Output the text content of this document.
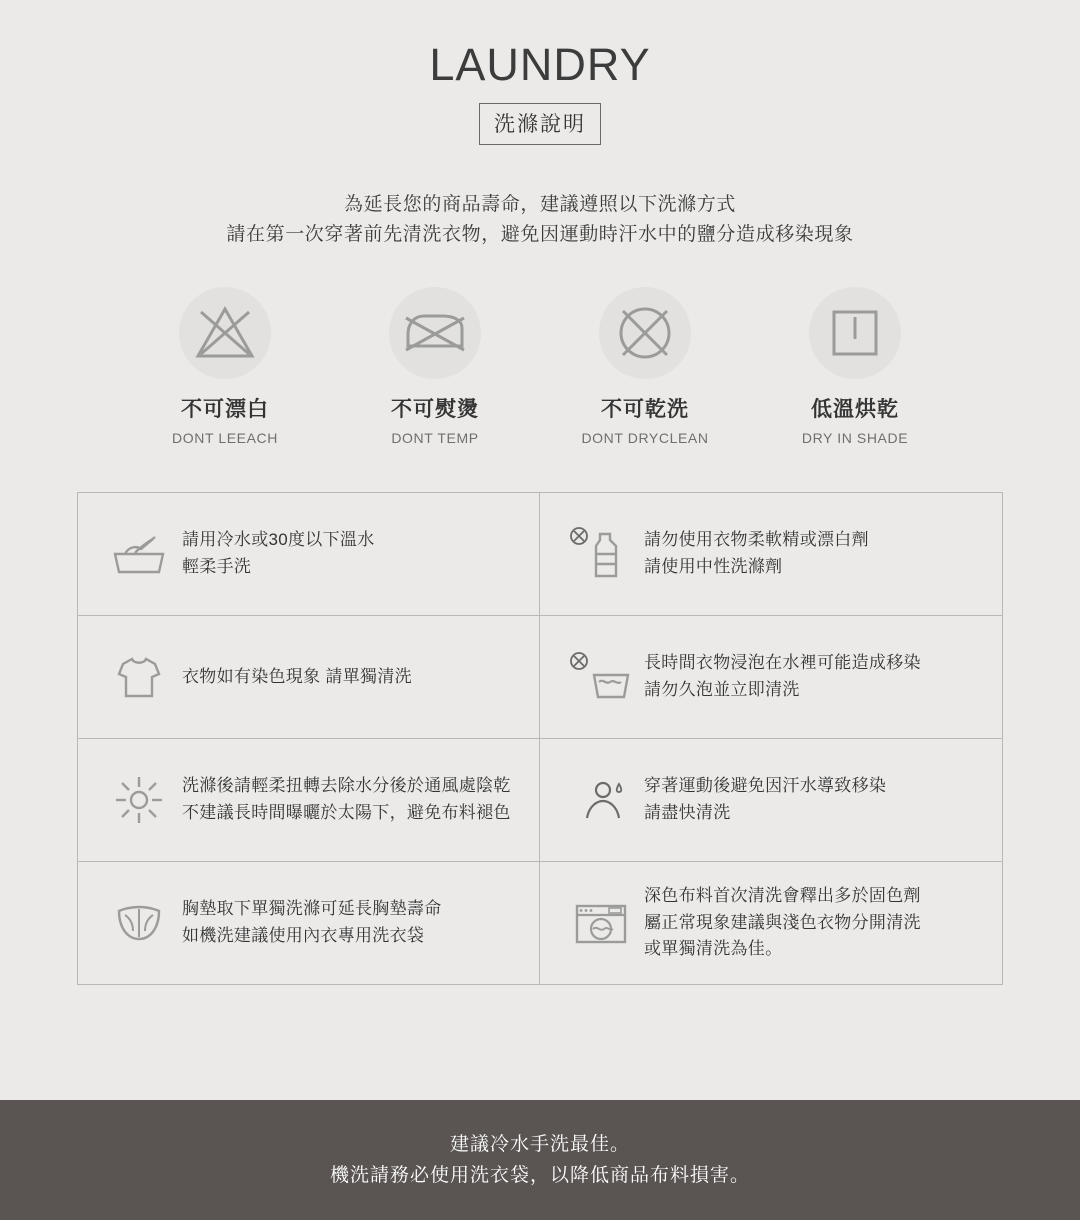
LAUNDRY
洗滌說明
為延長您的商品壽命，建議遵照以下洗滌方式
請在第一次穿著前先清洗衣物，避免因運動時汗水中的鹽分造成移染現象
不可漂白
DONT LEEACH
不可熨燙
DONT TEMP
不可乾洗
DONT DRYCLEAN
低溫烘乾
DRY IN SHADE
請用冷水或30度以下溫水
輕柔手洗
請勿使用衣物柔軟精或漂白劑
請使用中性洗滌劑
衣物如有染色現象 請單獨清洗
長時間衣物浸泡在水裡可能造成移染
請勿久泡並立即清洗
洗滌後請輕柔扭轉去除水分後於通風處陰乾
不建議長時間曝曬於太陽下，避免布料褪色
穿著運動後避免因汗水導致移染
請盡快清洗
胸墊取下單獨洗滌可延長胸墊壽命
如機洗建議使用內衣專用洗衣袋
深色布料首次清洗會釋出多於固色劑
屬正常現象建議與淺色衣物分開清洗
或單獨清洗為佳。
建議冷水手洗最佳。
機洗請務必使用洗衣袋，以降低商品布料損害。
